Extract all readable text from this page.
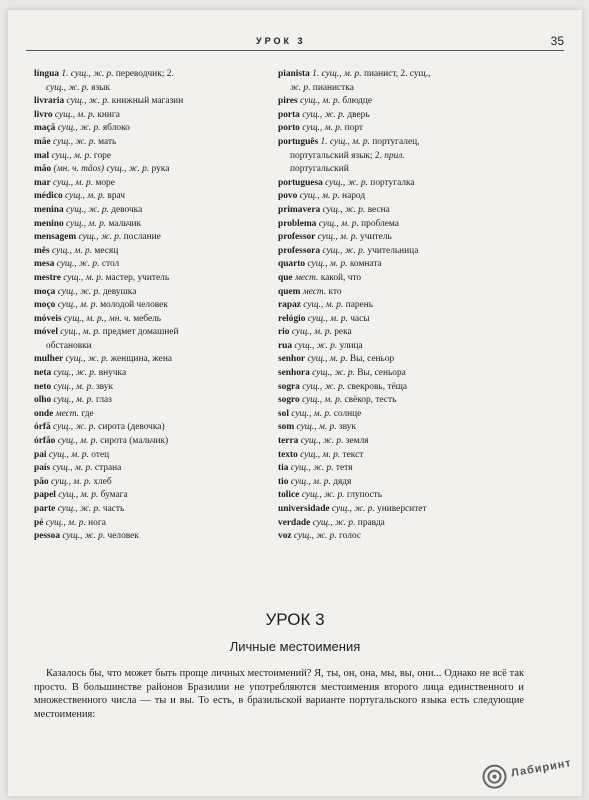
УРОК 3	35
língua 1. сущ., ж. р. переводчик; 2.
сущ., ж. р. язык
livraria сущ., ж. р. книжный магазин
livro сущ., м. р. книга
maçã сущ., ж. р. яблоко
mãe сущ., ж. р. мать
mal сущ., м. р. горе
mão (мн. ч. mãos) сущ., ж. р. рука
mar сущ., м. р. море
médico сущ., м. р. врач
menina сущ., ж. р. девочка
menino сущ., м. р. мальчик
mensagem сущ., ж. р. послание
mês сущ., м. р. месяц
mesa сущ., ж. р. стол
mestre сущ., м. р. мастер, учитель
moça сущ., ж. р. девушка
moço сущ., м. р. молодой человек
móveis сущ., м. р., мн. ч. мебель
móvel сущ., м. р. предмет домашней
обстановки
mulher сущ., ж. р. женщина, жена
neta сущ., ж. р. внучка
neto сущ., м. р. звук
olho сущ., м. р. глаз
onde мест. где
órfã сущ., ж. р. сирота (девочка)
órfão сущ., м. р. сирота (мальчик)
pai сущ., м. р. отец
país сущ., м. р. страна
pão сущ., м. р. хлеб
papel сущ., м. р. бумага
parte сущ., ж. р. часть
pé сущ., м. р. нога
pessoa сущ., ж. р. человек
pianista 1. сущ., м. р. пианист, 2. сущ.,
ж. р. пианистка
pires сущ., м. р. блюдце
porta сущ., ж. р. дверь
porto сущ., м. р. порт
português 1. сущ., м. р. португалец,
португальский язык; 2. прил.
португальский
portuguesa сущ., ж. р. португалка
povo сущ., м. р. народ
primavera сущ., ж. р. весна
problema сущ., м. р. проблема
professor сущ., м. р. учитель
professora сущ., ж. р. учительница
quarto сущ., м. р. комната
que мест. какой, что
quem мест. кто
rapaz сущ., м. р. парень
relógio сущ., м. р. часы
rio сущ., м. р. река
rua сущ., ж. р. улица
senhor сущ., м. р. Вы, сеньор
senhora сущ., ж. р. Вы, сеньора
sogra сущ., ж. р. свекровь, тёща
sogro сущ., м. р. свёкор, тесть
sol сущ., м. р. солнце
som сущ., м. р. звук
terra сущ., ж. р. земля
texto сущ., м. р. текст
tia сущ., ж. р. тетя
tio сущ., м. р. дядя
tolice сущ., ж. р. глупость
universidade сущ., ж. р. университет
verdade сущ., ж. р. правда
voz сущ., ж. р. голос
УРОК 3
Личные местоимения

Казалось бы, что может быть проще личных местоимений? Я, ты, он, она, мы, вы, они... Однако не всё так просто. В большинстве районов Бразилии не употребляются местоимения второго лица единственного и множественного числа — ты и вы. То есть, в бразильской варианте португальского языка есть следующие местоимения:

Лабиринт
